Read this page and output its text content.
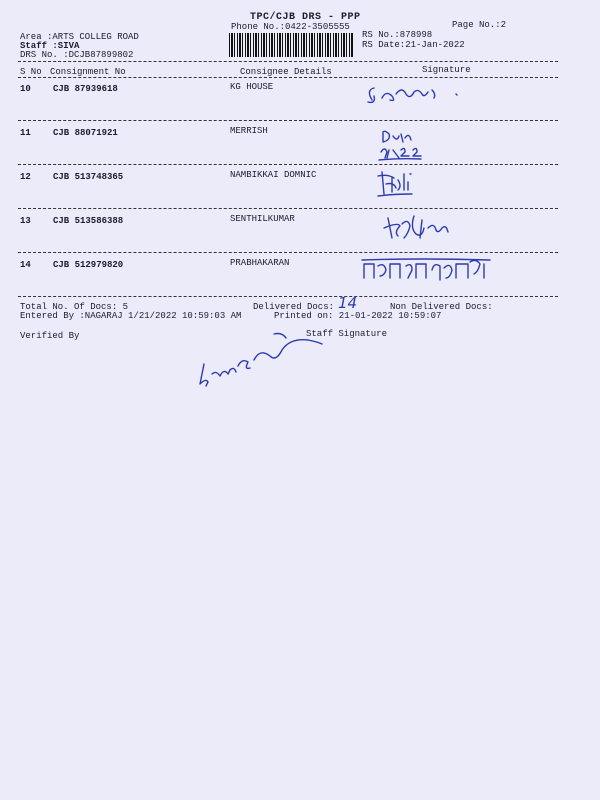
TPC/CJB DRS - PPP
Phone No.:0422-3505555	Page No.:2
Area :ARTS COLLEG ROAD
Staff :SIVA
DRS No. :DCJB87899802
RS No.:878998
RS Date:21-Jan-2022
S No Consignment No	Consignee Details	Signature
10 CJB 87939618	KG HOUSE
11 CJB 88071921	MERRISH
12 CJB 513748365	NAMBIKKAI DOMNIC
13 CJB 513586388	SENTHILKUMAR
14 CJB 512979820	PRABHAKARAN
Total No. Of Docs: 5	Delivered Docs: 14	Non Delivered Docs:
Entered By :NAGARAJ 1/21/2022 10:59:03 AM	Printed on: 21-01-2022 10:59:07
Verified By	Staff Signature
